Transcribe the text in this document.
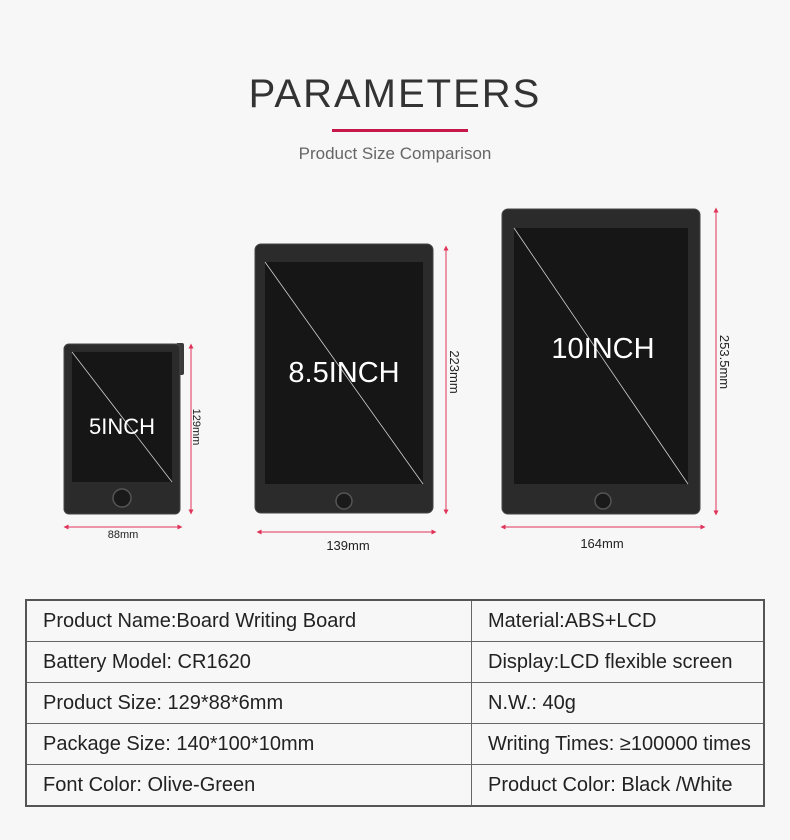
PARAMETERS
Product Size Comparison
5INCH
88mm
129mm
8.5INCH
139mm
223mm
10INCH
164mm
253.5mm
Product Name:Board Writing Board	Material:ABS+LCD
Battery Model: CR1620	Display:LCD flexible screen
Product Size: 129*88*6mm	N.W.: 40g
Package Size: 140*100*10mm	Writing Times: ≥100000 times
Font Color: Olive-Green	Product Color: Black /White
